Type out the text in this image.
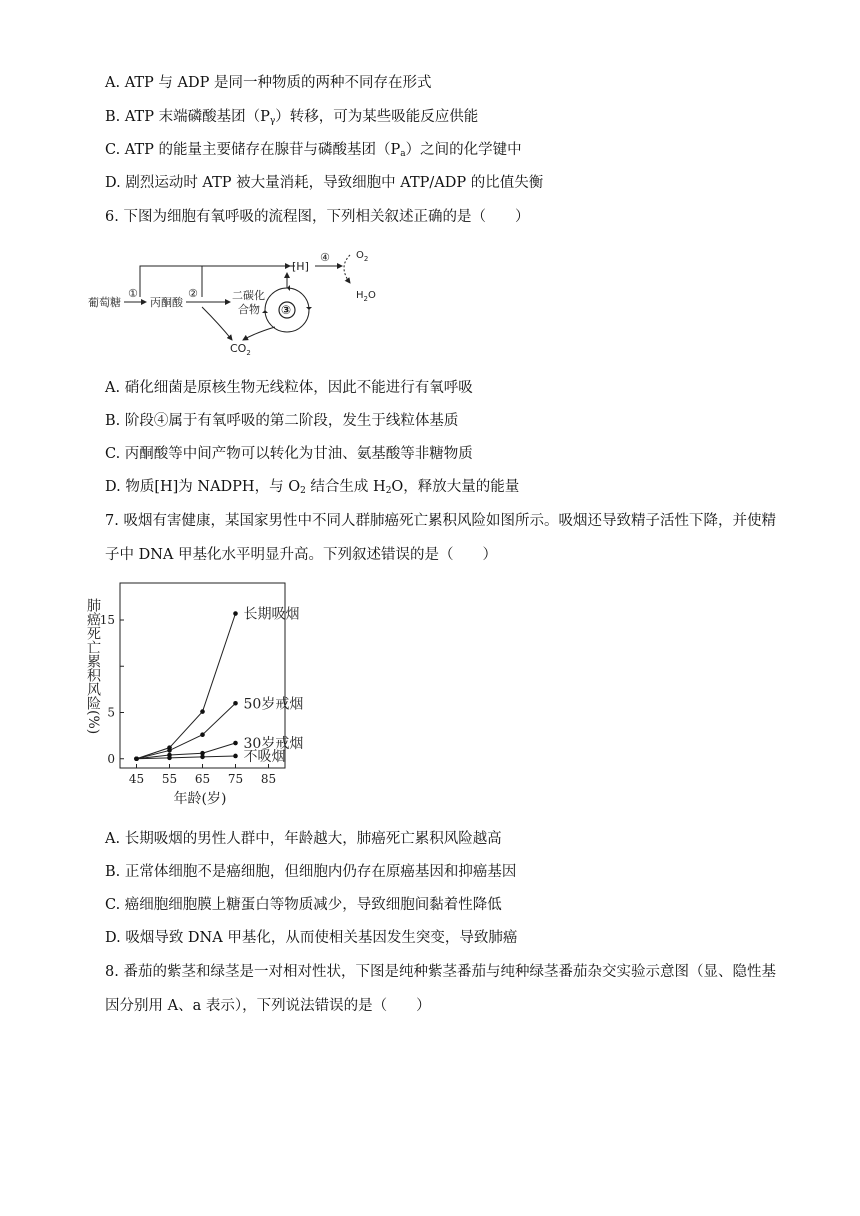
A. ATP 与 ADP 是同一种物质的两种不同存在形式
B. ATP 末端磷酸基团$(P_\gamma)$转移，可为某些吸能反应供能
C. ATP 的能量主要储存在腺苷与磷酸基团$(P_a)$之间的化学键中
D. 剧烈运动时 ATP 被大量消耗，导致细胞中 ATP/ADP 的比值失衡
6. 下图为细胞有氧呼吸的流程图，下列相关叙述正确的是（　　）
A. 硝化细菌是原核生物无线粒体，因此不能进行有氧呼吸
B. 阶段④属于有氧呼吸的第二阶段，发生于线粒体基质
C. 丙酮酸等中间产物可以转化为甘油、氨基酸等非糖物质
D. 物质[H]为 NADPH，与 $O_2$ 结合生成 $H_2O$，释放大量的能量
7. 吸烟有害健康，某国家男性中不同人群肺癌死亡累积风险如图所示。吸烟还导致精子活性下降，并使精
子中 DNA 甲基化水平明显升高。下列叙述错误的是（　　）
A. 长期吸烟的男性人群中，年龄越大，肺癌死亡累积风险越高
B. 正常体细胞不是癌细胞，但细胞内仍存在原癌基因和抑癌基因
C. 癌细胞细胞膜上糖蛋白等物质减少，导致细胞间黏着性降低
D. 吸烟导致 DNA 甲基化，从而使相关基因发生突变，导致肺癌
8. 番茄的紫茎和绿茎是一对相对性状，下图是纯种紫茎番茄与纯种绿茎番茄杂交实验示意图（显、隐性基
因分别用 A、a 表示），下列说法错误的是（　　）
葡萄糖
①
丙酮酸
②	二碳化
合物
[H]
③
$CO_2$
④	$O_2$
$H_2O$
45 55 65 75 85
0
5
15
年龄(岁)
肺癌死亡累积风险(%)	长期吸烟
50岁戒烟
30岁戒烟
不吸烟
